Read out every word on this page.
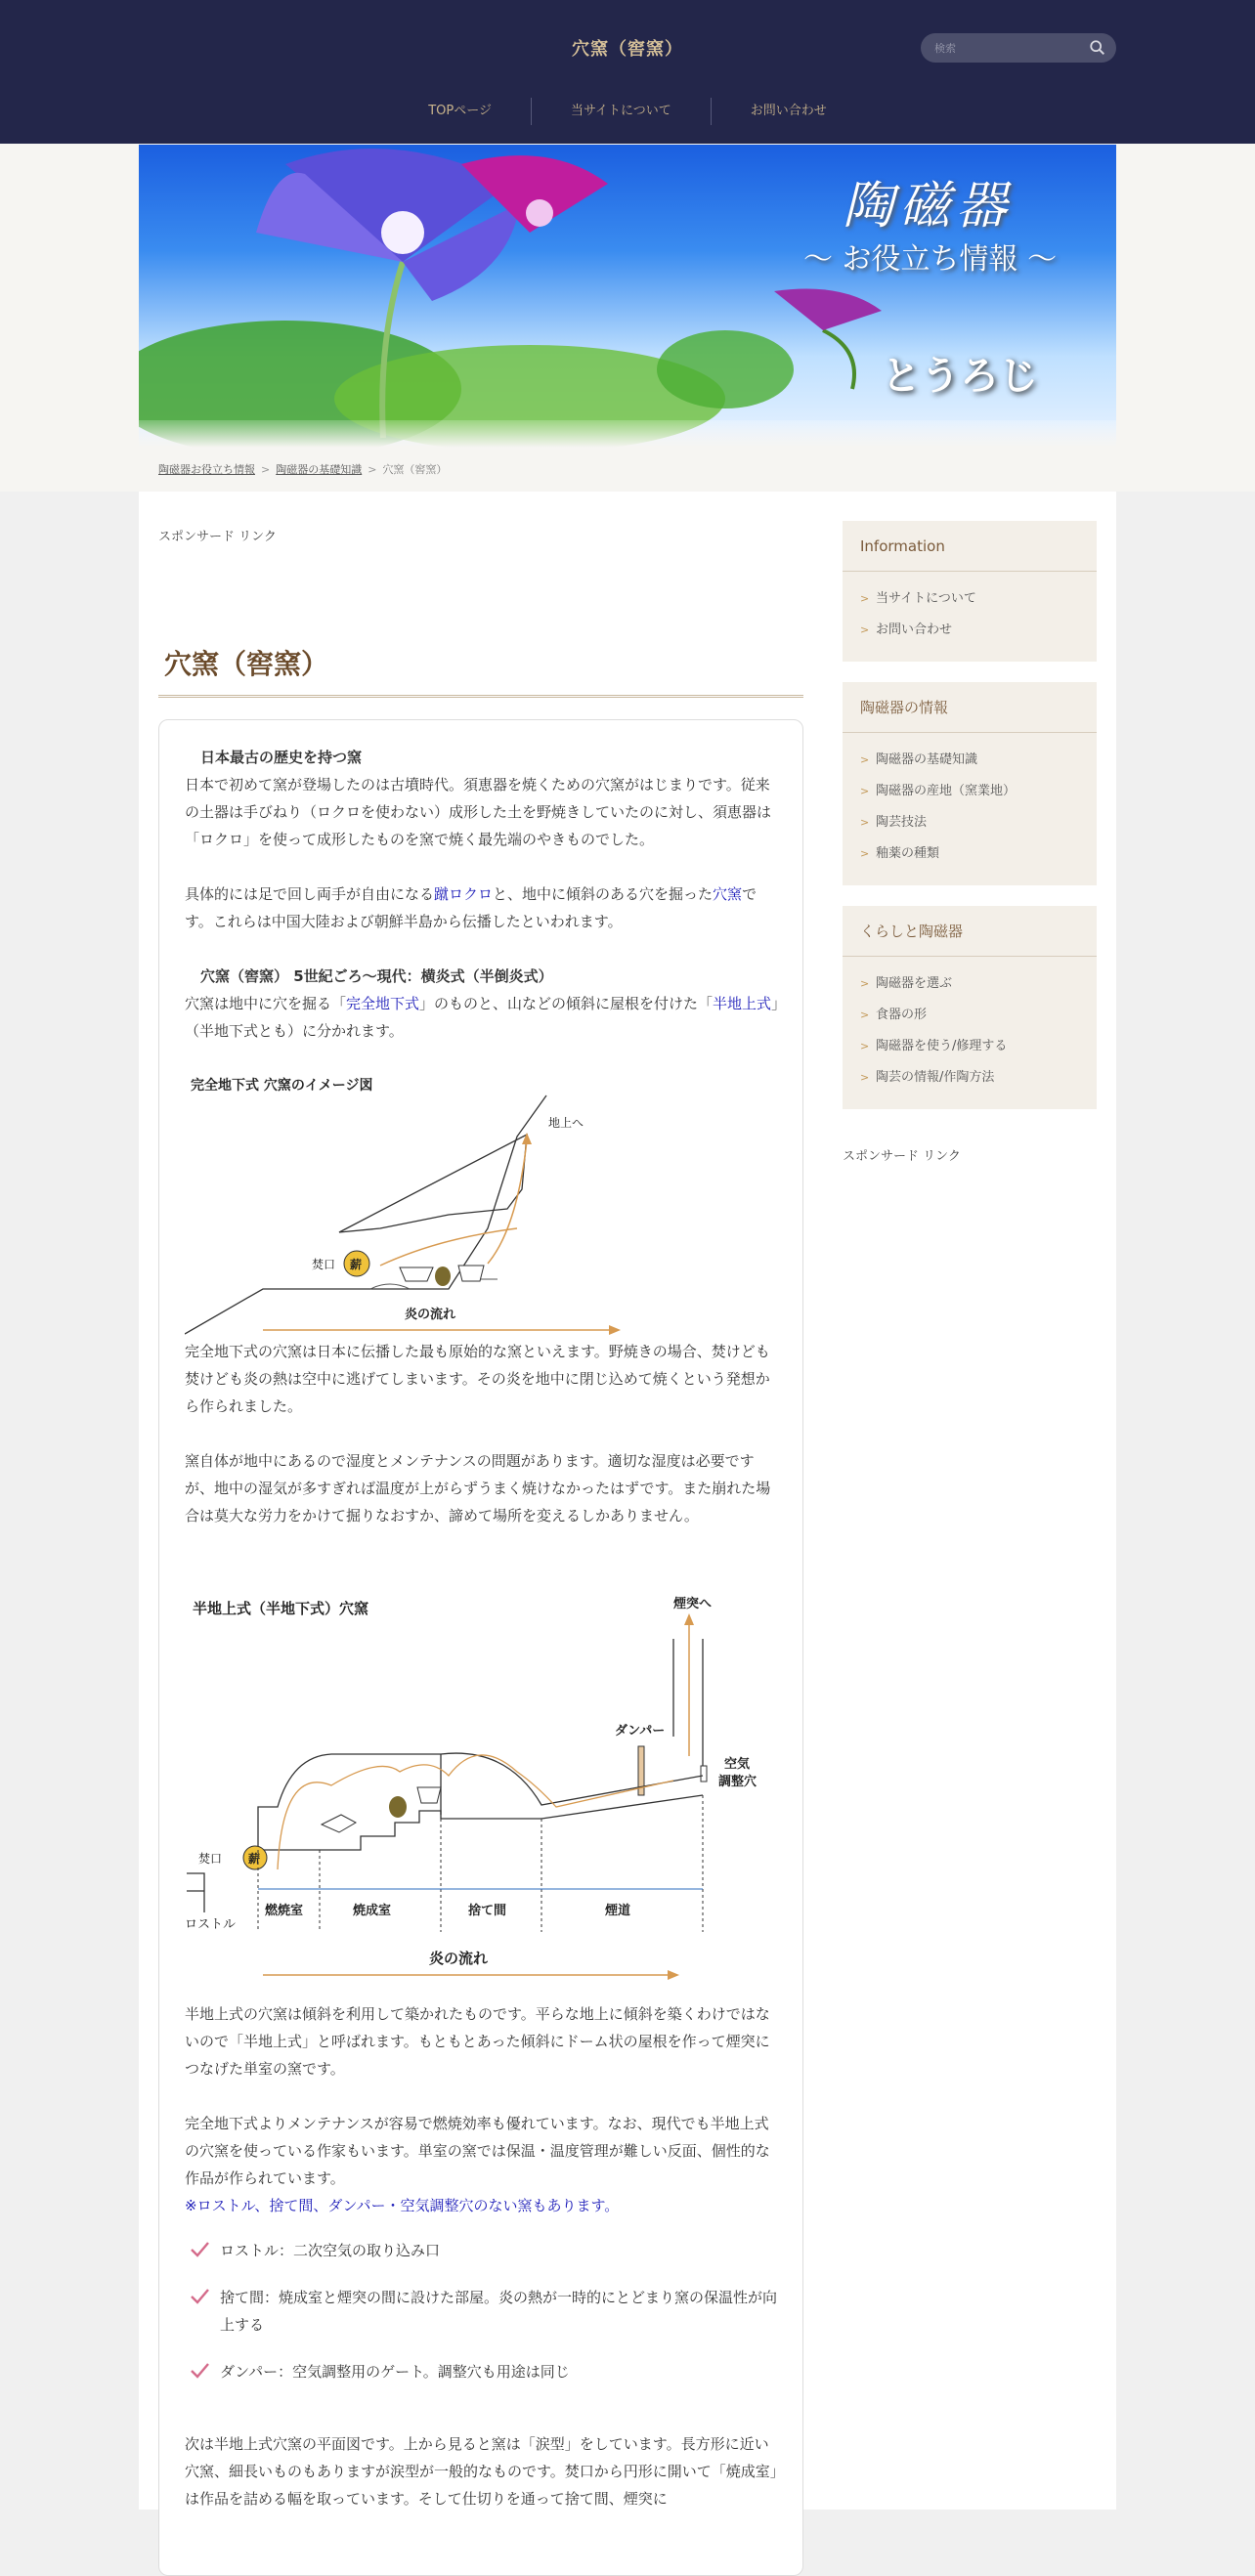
穴窯（窖窯）
検索
TOPページ	当サイトについて	お問い合わせ
陶磁器
～ お役立ち情報 ～
とうろじ
陶磁器お役立ち情報 > 陶磁器の基礎知識 > 穴窯（窖窯）
スポンサード リンク
穴窯（窖窯）
日本最古の歴史を持つ窯
日本で初めて窯が登場したのは古墳時代。須恵器を焼くための穴窯がはじまりです。従来の土器は手びねり（ロクロを使わない）成形した土を野焼きしていたのに対し、須恵器は「ロクロ」を使って成形したものを窯で焼く最先端のやきものでした。
具体的には足で回し両手が自由になる蹴ロクロと、地中に傾斜のある穴を掘った穴窯です。これらは中国大陸および朝鮮半島から伝播したといわれます。
穴窯（窖窯） 5世紀ごろ～現代：横炎式（半倒炎式）
穴窯は地中に穴を掘る「完全地下式」のものと、山などの傾斜に屋根を付けた「半地上式」（半地下式とも）に分かれます。
完全地下式 穴窯のイメージ図
薪
焚口
地上へ
炎の流れ
完全地下式の穴窯は日本に伝播した最も原始的な窯といえます。野焼きの場合、焚けども焚けども炎の熱は空中に逃げてしまいます。その炎を地中に閉じ込めて焼くという発想から作られました。
窯自体が地中にあるので湿度とメンテナンスの問題があります。適切な湿度は必要ですが、地中の湿気が多すぎれば温度が上がらずうまく焼けなかったはずです。また崩れた場合は莫大な労力をかけて掘りなおすか、諦めて場所を変えるしかありません。
半地上式（半地下式）穴窯	煙突へ
ダンパー
空気
調整穴
薪
焚口
ロストル
燃焼室	焼成室	捨て間	煙道
炎の流れ
半地上式の穴窯は傾斜を利用して築かれたものです。平らな地上に傾斜を築くわけではないので「半地上式」と呼ばれます。もともとあった傾斜にドーム状の屋根を作って煙突につなげた単室の窯です。
完全地下式よりメンテナンスが容易で燃焼効率も優れています。なお、現代でも半地上式の穴窯を使っている作家もいます。単室の窯では保温・温度管理が難しい反面、個性的な作品が作られています。
※ロストル、捨て間、ダンパー・空気調整穴のない窯もあります。
ロストル：二次空気の取り込み口
捨て間：焼成室と煙突の間に設けた部屋。炎の熱が一時的にとどまり窯の保温性が向上する
ダンパー：空気調整用のゲート。調整穴も用途は同じ
次は半地上式穴窯の平面図です。上から見ると窯は「涙型」をしています。長方形に近い穴窯、細長いものもありますが涙型が一般的なものです。焚口から円形に開いて「焼成室」は作品を詰める幅を取っています。そして仕切りを通って捨て間、煙突に
Information
> 当サイトについて
> お問い合わせ
陶磁器の情報
> 陶磁器の基礎知識
> 陶磁器の産地（窯業地）
> 陶芸技法
> 釉薬の種類
くらしと陶磁器
> 陶磁器を選ぶ
> 食器の形
> 陶磁器を使う/修理する
> 陶芸の情報/作陶方法
スポンサード リンク
